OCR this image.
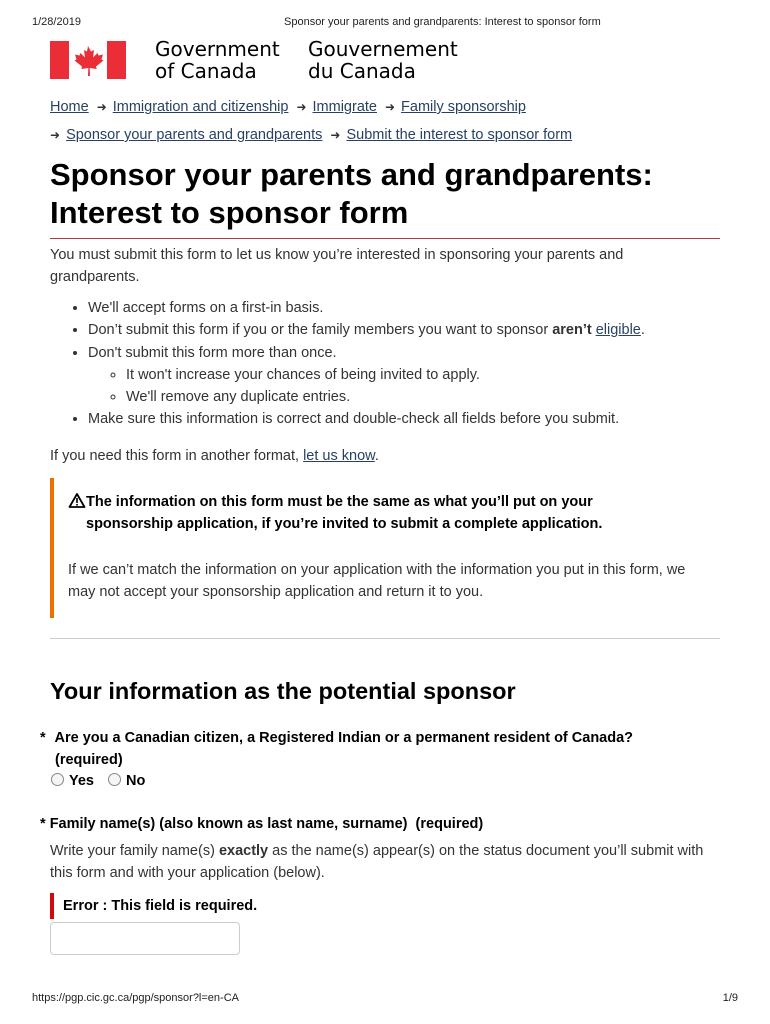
1/28/2019	Sponsor your parents and grandparents: Interest to sponsor form
Government
of Canada
Gouvernement
du Canada
Home ➜ Immigration and citizenship ➜ Immigrate ➜ Family sponsorship
➜ Sponsor your parents and grandparents ➜ Submit the interest to sponsor form
Sponsor your parents and grandparents:
Interest to sponsor form

You must submit this form to let us know you’re interested in sponsoring your parents and grandparents.

• We'll accept forms on a first-in basis.
• Don’t submit this form if you or the family members you want to sponsor aren’t eligible.
• Don't submit this form more than once.
◦ It won't increase your chances of being invited to apply.
◦ We'll remove any duplicate entries.
• Make sure this information is correct and double-check all fields before you submit.

If you need this form in another format, let us know.

The information on this form must be the same as what you’ll put on your
sponsorship application, if you’re invited to submit a complete application.

If we can’t match the information on your application with the information you put in this form, we may not accept your sponsorship application and return it to you.

Your information as the potential sponsor
* Are you a Canadian citizen, a Registered Indian or a permanent resident of Canada?
(required)
Yes No
* Family name(s) (also known as last name, surname) (required)

Write your family name(s) exactly as the name(s) appear(s) on the status document you’ll submit with this form and with your application (below).

Error : This field is required.
https://pgp.cic.gc.ca/pgp/sponsor?l=en-CA	1/9
